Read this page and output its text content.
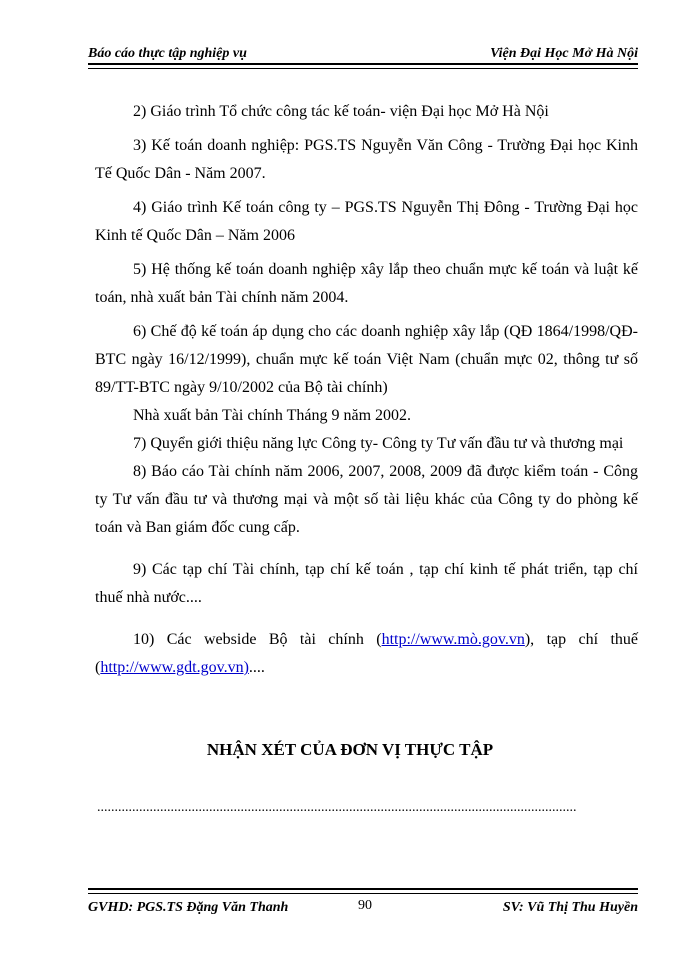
Báo cáo thực tập nghiệp vụ	Viện Đại Học Mở Hà Nội

2) Giáo trình Tổ chức công tác kế toán- viện Đại học Mở Hà Nội

3) Kế toán doanh nghiệp: PGS.TS Nguyễn Văn Công - Trường Đại học Kinh Tế Quốc Dân - Năm 2007.

4) Giáo trình Kế toán công ty – PGS.TS Nguyễn Thị Đông - Trường Đại học Kinh tế Quốc Dân – Năm 2006

5) Hệ thống kế toán doanh nghiệp xây lắp theo chuẩn mực kế toán và luật kế toán, nhà xuất bản Tài chính năm 2004.

6) Chế độ kế toán áp dụng cho các doanh nghiệp xây lắp (QĐ 1864/1998/QĐ-BTC ngày 16/12/1999), chuẩn mực kế toán Việt Nam (chuẩn mực 02, thông tư số 89/TT-BTC ngày 9/10/2002 của Bộ tài chính)

Nhà xuất bản Tài chính Tháng 9 năm 2002.

7) Quyển giới thiệu năng lực Công ty- Công ty Tư vấn đầu tư và thương mại

8) Báo cáo Tài chính năm 2006, 2007, 2008, 2009 đã được kiểm toán - Công ty Tư vấn đầu tư và thương mại và một số tài liệu khác của Công ty do phòng kế toán và Ban giám đốc cung cấp.

9) Các tạp chí Tài chính, tạp chí kế toán , tạp chí kinh tế phát triển, tạp chí thuế nhà nước....

10) Các webside Bộ tài chính (http://www.mò.gov.vn), tạp chí thuế (http://www.gdt.gov.vn)....

NHẬN XÉT CỦA ĐƠN VỊ THỰC TẬP
.........................................................................................................................................
GVHD: PGS.TS Đặng Văn Thanh	SV: Vũ Thị Thu Huyền
90
